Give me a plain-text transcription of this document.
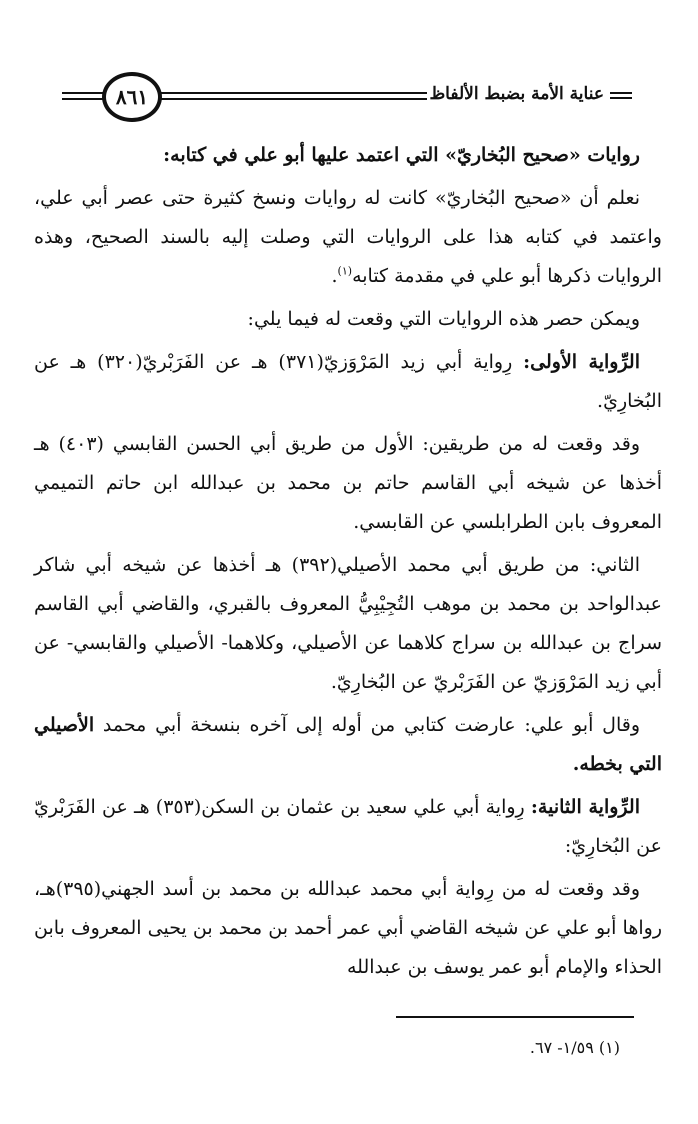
عناية الأمة بضبط الألفاظ
٨٦١

روايات «صحيح البُخاريّ» التي اعتمد عليها أبو علي في كتابه:

نعلم أن «صحيح البُخاريّ» كانت له روايات ونسخ كثيرة حتى عصر أبي علي، واعتمد في كتابه هذا على الروايات التي وصلت إليه بالسند الصحيح، وهذه الروايات ذكرها أبو علي في مقدمة كتابه$^{(١)}$.

ويمكن حصر هذه الروايات التي وقعت له فيما يلي:

الرِّواية الأولى: رِواية أبي زيد المَرْوَزيّ(٣٧١) هـ عن الفَرَبْريّ(٣٢٠) هـ عن البُخارِيّ.

وقد وقعت له من طريقين: الأول من طريق أبي الحسن القابسي (٤٠٣) هـ أخذها عن شيخه أبي القاسم حاتم بن محمد بن عبدالله ابن حاتم التميمي المعروف بابن الطرابلسي عن القابسي.

الثاني: من طريق أبي محمد الأصيلي(٣٩٢) هـ أخذها عن شيخه أبي شاكر عبدالواحد بن محمد بن موهب التُجِيْبِيُّ المعروف بالقبري، والقاضي أبي القاسم سراج بن عبدالله بن سراج كلاهما عن الأصيلي، وكلاهما- الأصيلي والقابسي- عن أبي زيد المَرْوَزيّ عن الفَرَبْريّ عن البُخارِيّ.

وقال أبو علي: عارضت كتابي من أوله إلى آخره بنسخة أبي محمد الأصيلي التي بخطه.

الرِّواية الثانية: رِواية أبي علي سعيد بن عثمان بن السكن(٣٥٣) هـ عن الفَرَبْريّ عن البُخارِيّ:

وقد وقعت له من رِواية أبي محمد عبدالله بن محمد بن أسد الجهني(٣٩٥)هـ، رواها أبو علي عن شيخه القاضي أبي عمر أحمد بن محمد بن يحيى المعروف بابن الحذاء والإمام أبو عمر يوسف بن عبدالله

(١) ١/٥٩- ٦٧.
